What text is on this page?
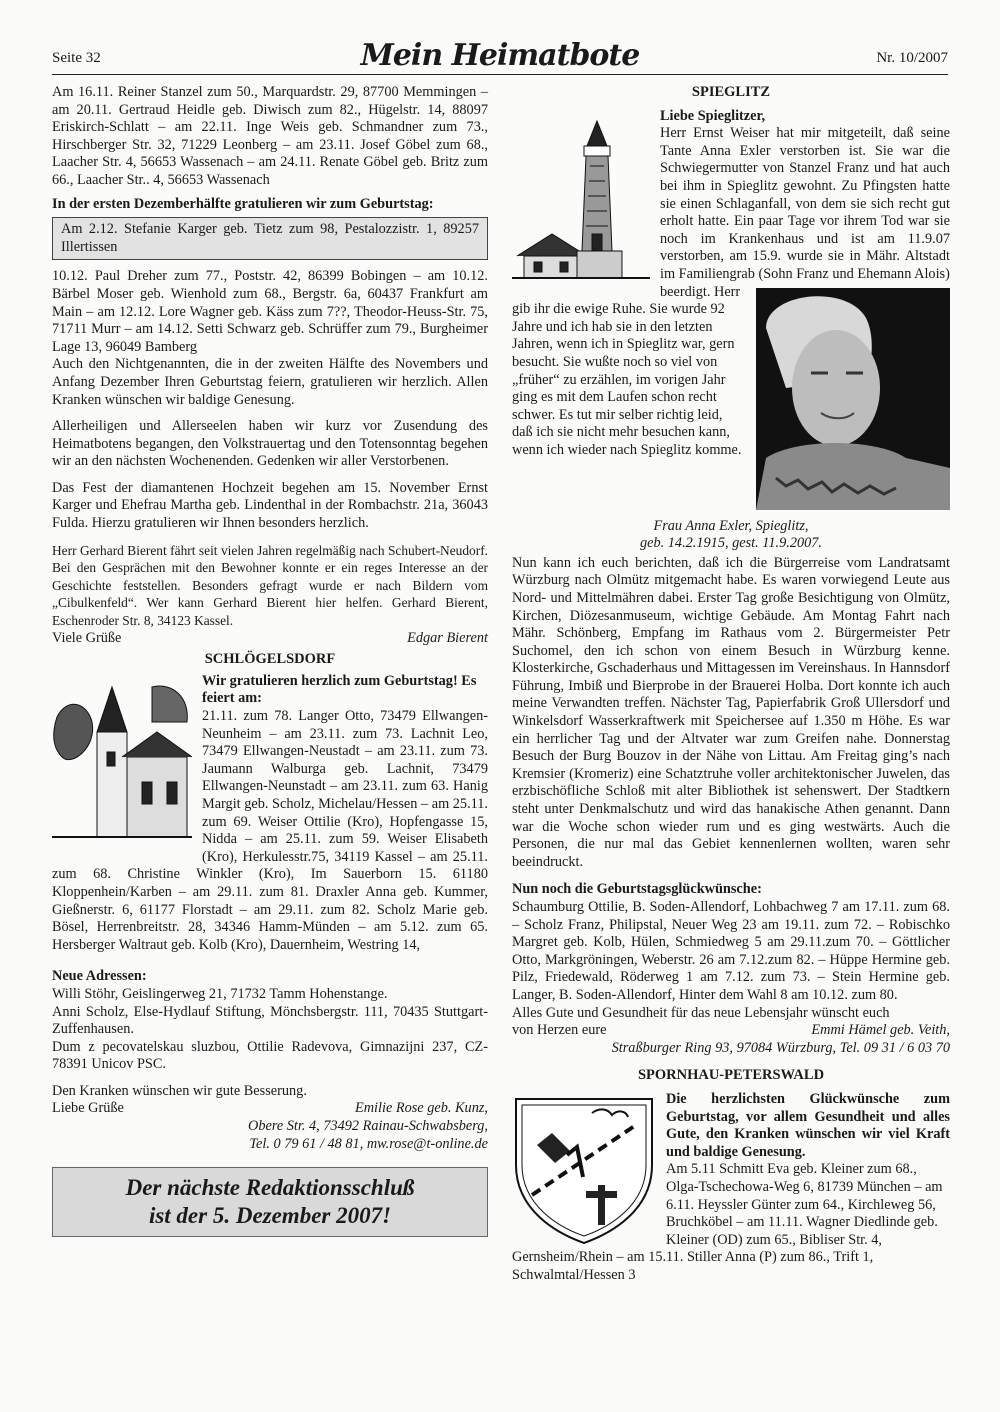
Seite 32	Mein Heimatbote	Nr. 10/2007

Am 16.11. Reiner Stanzel zum 50., Marquardstr. 29, 87700 Memmingen – am 20.11. Gertraud Heidle geb. Diwisch zum 82., Hügelstr. 14, 88097 Eriskirch-Schlatt – am 22.11. Inge Weis geb. Schmandner zum 73., Hirschberger Str. 32, 71229 Leonberg – am 23.11. Josef Göbel zum 68., Laacher Str. 4, 56653 Wassenach – am 24.11. Renate Göbel geb. Britz zum 66., Laacher Str.. 4, 56653 Wassenach

In der ersten Dezemberhälfte gratulieren wir zum Geburtstag:

Am 2.12. Stefanie Karger geb. Tietz zum 98, Pestalozzistr. 1, 89257 Illertissen

10.12. Paul Dreher zum 77., Poststr. 42, 86399 Bobingen – am 10.12. Bärbel Moser geb. Wienhold zum 68., Bergstr. 6a, 60437 Frankfurt am Main – am 12.12. Lore Wagner geb. Käss zum 7??, Theodor-Heuss-Str. 75, 71711 Murr – am 14.12. Setti Schwarz geb. Schrüffer zum 79., Burgheimer Lage 13, 96049 Bamberg

Auch den Nichtgenannten, die in der zweiten Hälfte des Novembers und Anfang Dezember Ihren Geburtstag feiern, gratulieren wir herzlich. Allen Kranken wünschen wir baldige Genesung.

Allerheiligen und Allerseelen haben wir kurz vor Zusendung des Heimatbotens begangen, den Volkstrauertag und den Totensonntag begehen wir an den nächsten Wochenenden. Gedenken wir aller Verstorbenen.

Das Fest der diamantenen Hochzeit begehen am 15. November Ernst Karger und Ehefrau Martha geb. Lindenthal in der Rombachstr. 21a, 36043 Fulda. Hierzu gratulieren wir Ihnen besonders herzlich.

Herr Gerhard Bierent fährt seit vielen Jahren regelmäßig nach Schubert-Neudorf. Bei den Gesprächen mit den Bewohner konnte er ein reges Interesse an der Geschichte feststellen. Besonders gefragt wurde er nach Bildern vom „Cibulkenfeld“. Wer kann Gerhard Bierent hier helfen. Gerhard Bierent, Eschenroder Str. 8, 34123 Kassel.

Viele Grüße	Edgar Bierent
SCHLÖGELSDORF

Wir gratulieren herzlich zum Geburtstag! Es feiert am:

21.11. zum 78. Langer Otto, 73479 Ellwangen-Neunheim – am 23.11. zum 73. Lachnit Leo, 73479 Ellwangen-Neustadt – am 23.11. zum 73. Jaumann Walburga geb. Lachnit, 73479 Ellwangen-Neunstadt – am 23.11. zum 63. Hanig Margit geb. Scholz, Michelau/Hessen – am 25.11. zum 69. Weiser Ottilie (Kro), Hopfengasse 15, Nidda – am 25.11. zum 59. Weiser Elisabeth (Kro), Herkulesstr.75, 34119 Kassel – am 25.11. zum 68. Christine Winkler (Kro), Im Sauerborn 15. 61180 Kloppenhein/Karben – am 29.11. zum 81. Draxler Anna geb. Kummer, Gießnerstr. 6, 61177 Florstadt – am 29.11. zum 82. Scholz Marie geb. Bösel, Herrenbreitstr. 28, 34346 Hamm-Münden – am 5.12. zum 65. Hersberger Waltraut geb. Kolb (Kro), Dauernheim, Westring 14,

Neue Adressen:

Willi Stöhr, Geislingerweg 21, 71732 Tamm Hohenstange.

Anni Scholz, Else-Hydlauf Stiftung, Mönchsbergstr. 111, 70435 Stuttgart-Zuffenhausen.

Dum z pecovatelskau sluzbou, Ottilie Radevova, Gimnazijni 237, CZ-78391 Unicov PSC.

Den Kranken wünschen wir gute Besserung.

Liebe Grüße	Emilie Rose geb. Kunz,
Obere Str. 4, 73492 Rainau-Schwabsberg,
Tel. 0 79 61 / 48 81, mw.rose@t-online.de
Der nächste Redaktionsschluß
ist der 5. Dezember 2007!
SPIEGLITZ

Liebe Spieglitzer,

Herr Ernst Weiser hat mir mitgeteilt, daß seine Tante Anna Exler verstorben ist. Sie war die Schwiegermutter von Stanzel Franz und hat auch bei ihm in Spieglitz gewohnt. Zu Pfingsten hatte sie einen Schlaganfall, von dem sie sich recht gut erholt hatte. Ein paar Tage vor ihrem Tod war sie noch im Krankenhaus und ist am 11.9.07 verstorben, am 15.9. wurde sie in Mähr. Altstadt im Familiengrab (Sohn Franz und Ehemann Alois)

beerdigt. Herr gib ihr die ewige Ruhe. Sie wurde 92 Jahre und ich hab sie in den letzten Jahren, wenn ich in Spieglitz war, gern besucht. Sie wußte noch so viel von „früher“ zu erzählen, im vorigen Jahr ging es mit dem Laufen schon recht schwer. Es tut mir selber richtig leid, daß ich sie nicht mehr besuchen kann, wenn ich wieder nach Spieglitz komme.

Frau Anna Exler, Spieglitz,
geb. 14.2.1915, gest. 11.9.2007.

Nun kann ich euch berichten, daß ich die Bürgerreise vom Landratsamt Würzburg nach Olmütz mitgemacht habe. Es waren vorwiegend Leute aus Nord- und Mittelmähren dabei. Erster Tag große Besichtigung von Olmütz, Kirchen, Diözesanmuseum, wichtige Gebäude. Am Montag Fahrt nach Mähr. Schönberg, Empfang im Rathaus vom 2. Bürgermeister Petr Suchomel, den ich schon von einem Besuch in Würzburg kenne. Klosterkirche, Gschaderhaus und Mittagessen im Vereinshaus. In Hannsdorf Führung, Imbiß und Bierprobe in der Brauerei Holba. Dort konnte ich auch meine Verwandten treffen. Nächster Tag, Papierfabrik Groß Ullersdorf und Winkelsdorf Wasserkraftwerk mit Speichersee auf 1.350 m Höhe. Es war ein herrlicher Tag und der Altvater war zum Greifen nahe. Donnerstag Besuch der Burg Bouzov in der Nähe von Littau. Am Freitag ging’s nach Kremsier (Kromeriz) eine Schatztruhe voller architektonischer Juwelen, das erzbischöfliche Schloß mit alter Bibliothek ist sehenswert. Der Stadtkern steht unter Denkmalschutz und wird das hanakische Athen genannt. Dann war die Woche schon wieder rum und es ging westwärts. Auch die Personen, die nur mal das Gebiet kennenlernen wollten, waren sehr beeindruckt.

Nun noch die Geburtstagsglückwünsche:

Schaumburg Ottilie, B. Soden-Allendorf, Lohbachweg 7 am 17.11. zum 68. – Scholz Franz, Philipstal, Neuer Weg 23 am 19.11. zum 72. – Robischko Margret geb. Kolb, Hülen, Schmiedweg 5 am 29.11.zum 70. – Göttlicher Otto, Markgröningen, Weberstr. 26 am 7.12.zum 82. – Hüppe Hermine geb. Pilz, Friedewald, Röderweg 1 am 7.12. zum 73. – Stein Hermine geb. Langer, B. Soden-Allendorf, Hinter dem Wahl 8 am 10.12. zum 80.

Alles Gute und Gesundheit für das neue Lebensjahr wünscht euch

von Herzen eure	Emmi Hämel geb. Veith,
Straßburger Ring 93, 97084 Würzburg, Tel. 09 31 / 6 03 70
SPORNHAU-PETERSWALD

Die herzlichsten Glückwünsche zum Geburtstag, vor allem Gesundheit und alles Gute, den Kranken wünschen wir viel Kraft und baldige Genesung.

Am 5.11 Schmitt Eva geb. Kleiner zum 68., Olga-Tschechowa-Weg 6, 81739 München – am 6.11. Heyssler Günter zum 64., Kirchleweg 56, Bruchköbel – am 11.11. Wagner Diedlinde geb. Kleiner (OD) zum 65., Bibliser Str. 4, Gernsheim/Rhein – am 15.11. Stiller Anna (P) zum 86., Trift 1, Schwalmtal/Hessen 3
